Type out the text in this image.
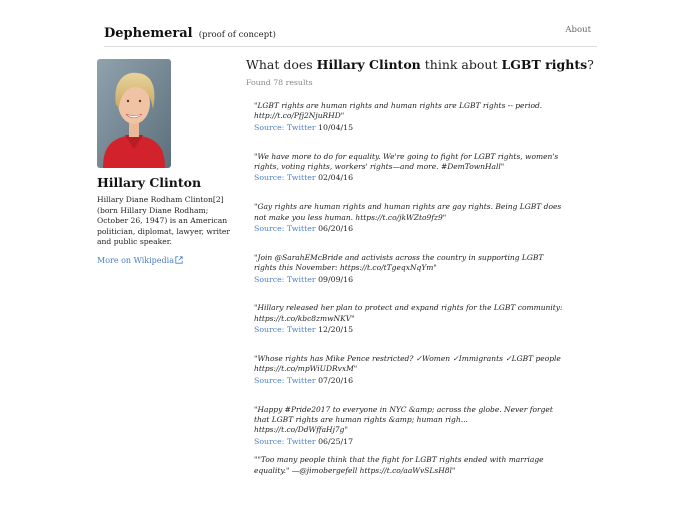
Dephemeral (proof of concept)	About
Hillary Clinton
Hillary Diane Rodham Clinton[2] (born Hillary Diane Rodham; October 26, 1947) is an American politician, diplomat, lawyer, writer and public speaker.
More on Wikipedia
What does Hillary Clinton think about LGBT rights?
Found 78 results
"LGBT rights are human rights and human rights are LGBT rights -- period. http://t.co/Pfj2NjuRHD"
Source: Twitter 10/04/15
"We have more to do for equality. We're going to fight for LGBT rights, women's rights, voting rights, workers' rights—and more. #DemTownHall"
Source: Twitter 02/04/16
"Gay rights are human rights and human rights are gay rights. Being LGBT does not make you less human. https://t.co/jkWZto9fz9"
Source: Twitter 06/20/16
"Join @SarahEMcBride and activists across the country in supporting LGBT rights this November: https://t.co/tTgeqxNqYm"
Source: Twitter 09/09/16
"Hillary released her plan to protect and expand rights for the LGBT community: https://t.co/kbc8zmwNKV"
Source: Twitter 12/20/15
"Whose rights has Mike Pence restricted? ✓Women ✓Immigrants ✓LGBT people https://t.co/mpWiUDRvxM"
Source: Twitter 07/20/16
"Happy #Pride2017 to everyone in NYC &amp; across the globe. Never forget that LGBT rights are human rights &amp; human righ... https://t.co/DdWffaHj7g"
Source: Twitter 06/25/17
""Too many people think that the fight for LGBT rights ended with marriage equality." —@jimobergefell https://t.co/aaWvSLsH8l"
